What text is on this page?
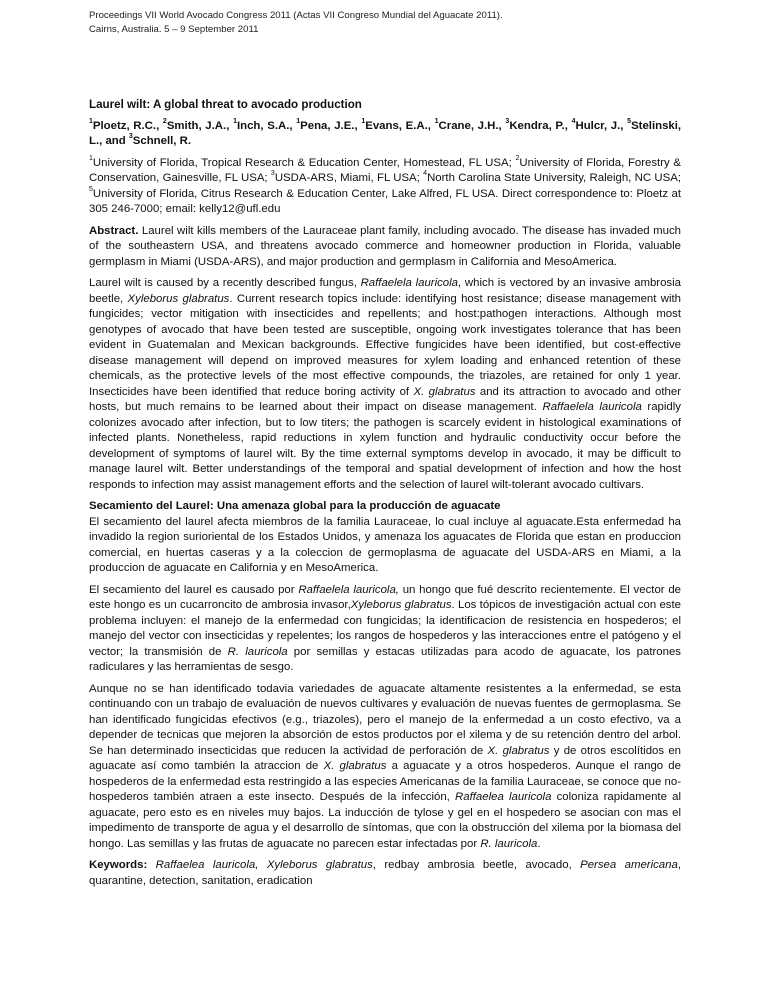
Proceedings VII World Avocado Congress 2011 (Actas VII Congreso Mundial del Aguacate 2011).
Cairns, Australia. 5 – 9 September 2011
Laurel wilt: A global threat to avocado production
$^1$Ploetz, R.C., $^2$Smith, J.A., $^1$Inch, S.A., $^1$Pena, J.E., $^1$Evans, E.A., $^1$Crane, J.H., $^3$Kendra, P., $^4$Hulcr, J., $^5$Stelinski, L., and $^3$Schnell, R.
$^1$University of Florida, Tropical Research & Education Center, Homestead, FL USA; $^2$University of Florida, Forestry & Conservation, Gainesville, FL USA; $^3$USDA-ARS, Miami, FL USA; $^4$North Carolina State University, Raleigh, NC USA; $^5$University of Florida, Citrus Research & Education Center, Lake Alfred, FL USA. Direct correspondence to: Ploetz at 305 246-7000; email: kelly12@ufl.edu

Abstract. Laurel wilt kills members of the Lauraceae plant family, including avocado. The disease has invaded much of the southeastern USA, and threatens avocado commerce and homeowner production in Florida, valuable germplasm in Miami (USDA-ARS), and major production and germplasm in California and MesoAmerica.

Laurel wilt is caused by a recently described fungus, Raffaelela lauricola, which is vectored by an invasive ambrosia beetle, Xyleborus glabratus. Current research topics include: identifying host resistance; disease management with fungicides; vector mitigation with insecticides and repellents; and host:pathogen interactions. Although most genotypes of avocado that have been tested are susceptible, ongoing work investigates tolerance that has been evident in Guatemalan and Mexican backgrounds. Effective fungicides have been identified, but cost-effective disease management will depend on improved measures for xylem loading and enhanced retention of these chemicals, as the protective levels of the most effective compounds, the triazoles, are retained for only 1 year. Insecticides have been identified that reduce boring activity of X. glabratus and its attraction to avocado and other hosts, but much remains to be learned about their impact on disease management. Raffaelela lauricola rapidly colonizes avocado after infection, but to low titers; the pathogen is scarcely evident in histological examinations of infected plants. Nonetheless, rapid reductions in xylem function and hydraulic conductivity occur before the development of symptoms of laurel wilt. By the time external symptoms develop in avocado, it may be difficult to manage laurel wilt. Better understandings of the temporal and spatial development of infection and how the host responds to infection may assist management efforts and the selection of laurel wilt-tolerant avocado cultivars.

Secamiento del Laurel: Una amenaza global para la producción de aguacate
El secamiento del laurel afecta miembros de la familia Lauraceae, lo cual incluye al aguacate.Esta enfermedad ha invadido la region surioriental de los Estados Unidos, y amenaza los aguacates de Florida que estan en produccion comercial, en huertas caseras y a la coleccion de germoplasma de aguacate del USDA-ARS en Miami, a la produccion de aguacate en California y en MesoAmerica.

El secamiento del laurel es causado por Raffaelela lauricola, un hongo que fué descrito recientemente. El vector de este hongo es un cucarroncito de ambrosia invasor,Xyleborus glabratus. Los tópicos de investigación actual con este problema incluyen: el manejo de la enfermedad con fungicidas; la identificacion de resistencia en hospederos; el manejo del vector con insecticidas y repelentes; los rangos de hospederos y las interacciones entre el patógeno y el vector; la transmisión de R. lauricola por semillas y estacas utilizadas para acodo de aguacate, los patrones radiculares y las herramientas de sesgo.

Aunque no se han identificado todavia variedades de aguacate altamente resistentes a la enfermedad, se esta continuando con un trabajo de evaluación de nuevos cultivares y evaluación de nuevas fuentes de germoplasma. Se han identificado fungicidas efectivos (e.g., triazoles), pero el manejo de la enfermedad a un costo efectivo, va a depender de tecnicas que mejoren la absorción de estos productos por el xilema y de su retención dentro del arbol. Se han determinado insecticidas que reducen la actividad de perforación de X. glabratus y de otros escolítidos en aguacate así como también la atraccion de X. glabratus a aguacate y a otros hospederos. Aunque el rango de hospederos de la enfermedad esta restringido a las especies Americanas de la familia Lauraceae, se conoce que no-hospederos también atraen a este insecto. Después de la infección, Raffaelea lauricola coloniza rapidamente al aguacate, pero esto es en niveles muy bajos. La inducción de tylose y gel en el hospedero se asocian con mas el impedimento de transporte de agua y el desarrollo de síntomas, que con la obstrucción del xilema por la biomasa del hongo. Las semillas y las frutas de aguacate no parecen estar infectadas por R. lauricola.

Keywords: Raffaelea lauricola, Xyleborus glabratus, redbay ambrosia beetle, avocado, Persea americana, quarantine, detection, sanitation, eradication
